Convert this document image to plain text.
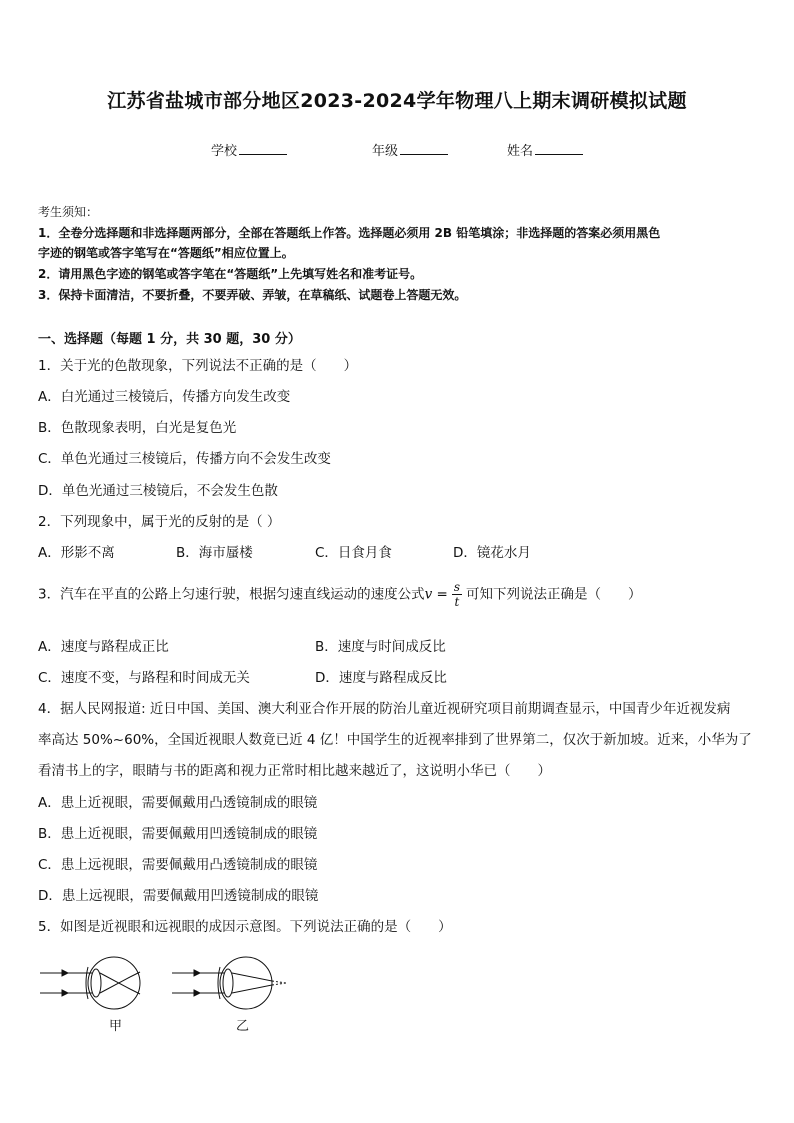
江苏省盐城市部分地区2023-2024学年物理八上期末调研模拟试题
学校	年级	姓名
考生须知：
1．全卷分选择题和非选择题两部分，全部在答题纸上作答。选择题必须用 2B 铅笔填涂；非选择题的答案必须用黑色
字迹的钢笔或答字笔写在“答题纸”相应位置上。
2．请用黑色字迹的钢笔或答字笔在“答题纸”上先填写姓名和准考证号。
3．保持卡面清洁，不要折叠，不要弄破、弄皱，在草稿纸、试题卷上答题无效。
一、选择题（每题 1 分，共 30 题，30 分）
1．关于光的色散现象，下列说法不正确的是（　　）
A．白光通过三棱镜后，传播方向发生改变
B．色散现象表明，白光是复色光
C．单色光通过三棱镜后，传播方向不会发生改变
D．单色光通过三棱镜后，不会发生色散
2．下列现象中，属于光的反射的是（ ）
A．形影不离	B．海市蜃楼	C．日食月食	D．镜花水月
3．汽车在平直的公路上匀速行驶，根据匀速直线运动的速度公式$v = \frac{s}{t}$ 可知下列说法正确是（　　）
A．速度与路程成正比	B．速度与时间成反比
C．速度不变，与路程和时间成无关	D．速度与路程成反比
4．据人民网报道: 近日中国、美国、澳大利亚合作开展的防治儿童近视研究项目前期调查显示，中国青少年近视发病
率高达 50%~60%，全国近视眼人数竟已近 4 亿！中国学生的近视率排到了世界第二，仅次于新加坡。近来，小华为了
看清书上的字，眼睛与书的距离和视力正常时相比越来越近了，这说明小华已（　　）
A．患上近视眼，需要佩戴用凸透镜制成的眼镜
B．患上近视眼，需要佩戴用凹透镜制成的眼镜
C．患上远视眼，需要佩戴用凸透镜制成的眼镜
D．患上远视眼，需要佩戴用凹透镜制成的眼镜
5．如图是近视眼和远视眼的成因示意图。下列说法正确的是（　　）
甲	乙
